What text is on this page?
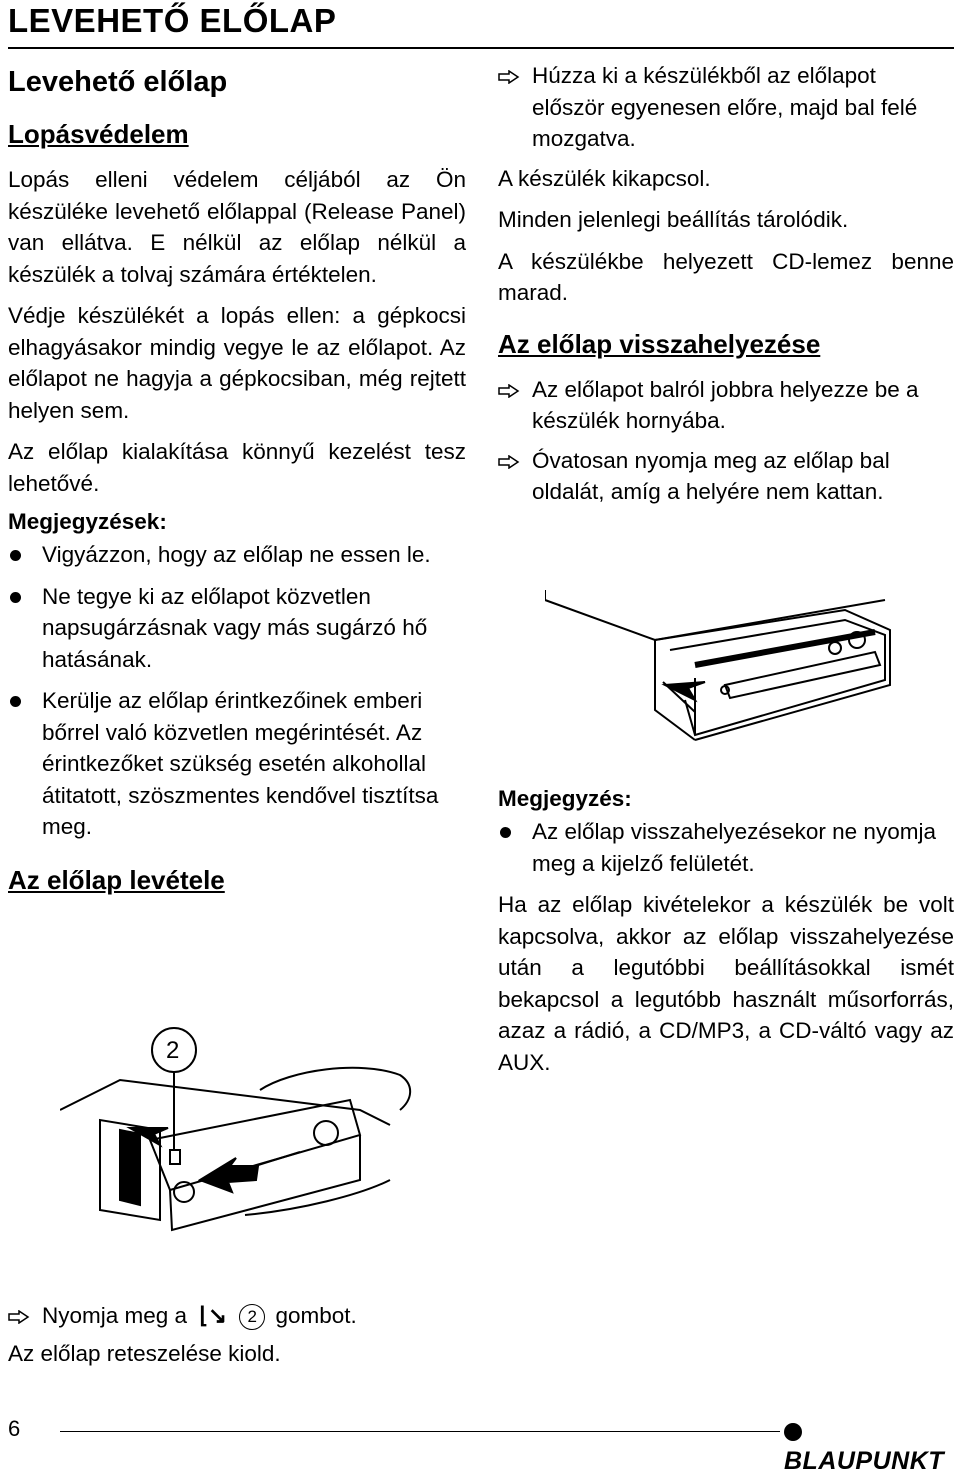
LEVEHETŐ ELŐLAP
Levehető előlap
Lopásvédelem

Lopás elleni védelem céljából az Ön készüléke levehető előlappal (Release Panel) van ellátva. E nélkül az előlap nélkül a készülék a tolvaj számára értéktelen.

Védje készülékét a lopás ellen: a gépkocsi elhagyásakor mindig vegye le az előlapot. Az előlapot ne hagyja a gépkocsiban, még rejtett helyen sem.

Az előlap kialakítása könnyű kezelést tesz lehetővé.

Megjegyzések:
Vigyázzon, hogy az előlap ne essen le.
Ne tegye ki az előlapot közvetlen napsugárzásnak vagy más sugárzó hő hatásának.
Kerülje az előlap érintkezőinek emberi bőrrel való közvetlen megérintését. Az érintkezőket szükség esetén alkohollal átitatott, szöszmentes kendővel tisztítsa meg.
Az előlap levétele
2
Nyomja meg a ⌊↘ 2 gombot.

Az előlap reteszelése kiold.

Húzza ki a készülékből az előlapot először egyenesen előre, majd bal felé mozgatva.

A készülék kikapcsol.

Minden jelenlegi beállítás tárolódik.

A készülékbe helyezett CD-lemez benne marad.

Az előlap visszahelyezése
Az előlapot balról jobbra helyezze be a készülék hornyába.
Óvatosan nyomja meg az előlap bal oldalát, amíg a helyére nem kattan.
Megjegyzés:
Az előlap visszahelyezésekor ne nyomja meg a kijelző felületét.

Ha az előlap kivételekor a készülék be volt kapcsolva, akkor az előlap visszahelyezése után a legutóbbi beállításokkal ismét bekapcsol a legutóbb használt műsorforrás, azaz a rádió, a CD/MP3, a CD-váltó vagy az AUX.

6
BLAUPUNKT
